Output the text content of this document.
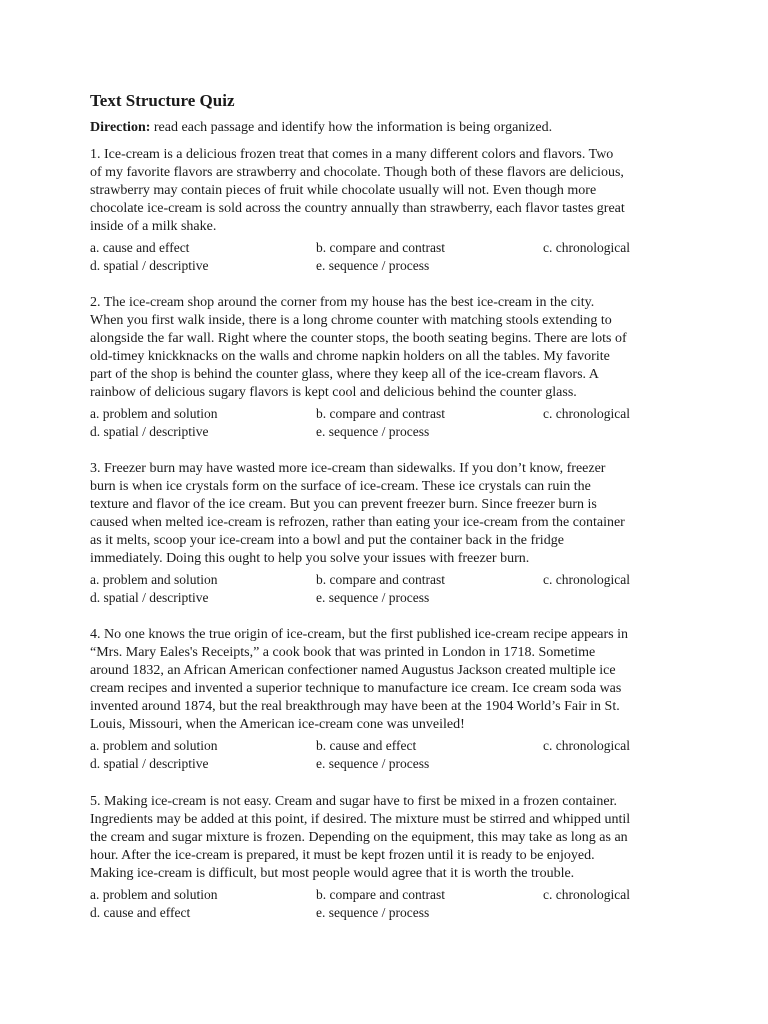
Text Structure Quiz
Direction: read each passage and identify how the information is being organized.
1. Ice-cream is a delicious frozen treat that comes in a many different colors and flavors. Two
of my favorite flavors are strawberry and chocolate. Though both of these flavors are delicious,
strawberry may contain pieces of fruit while chocolate usually will not. Even though more
chocolate ice-cream is sold across the country annually than strawberry, each flavor tastes great
inside of a milk shake.
a. cause and effect	b. compare and contrast	c. chronological
d. spatial / descriptive	e. sequence / process
2. The ice-cream shop around the corner from my house has the best ice-cream in the city.
When you first walk inside, there is a long chrome counter with matching stools extending to
alongside the far wall. Right where the counter stops, the booth seating begins. There are lots of
old-timey knickknacks on the walls and chrome napkin holders on all the tables. My favorite
part of the shop is behind the counter glass, where they keep all of the ice-cream flavors. A
rainbow of delicious sugary flavors is kept cool and delicious behind the counter glass.
a. problem and solution	b. compare and contrast	c. chronological
d. spatial / descriptive	e. sequence / process
3. Freezer burn may have wasted more ice-cream than sidewalks. If you don’t know, freezer
burn is when ice crystals form on the surface of ice-cream. These ice crystals can ruin the
texture and flavor of the ice cream. But you can prevent freezer burn. Since freezer burn is
caused when melted ice-cream is refrozen, rather than eating your ice-cream from the container
as it melts, scoop your ice-cream into a bowl and put the container back in the fridge
immediately. Doing this ought to help you solve your issues with freezer burn.
a. problem and solution	b. compare and contrast	c. chronological
d. spatial / descriptive	e. sequence / process
4. No one knows the true origin of ice-cream, but the first published ice-cream recipe appears in
“Mrs. Mary Eales's Receipts,” a cook book that was printed in London in 1718. Sometime
around 1832, an African American confectioner named Augustus Jackson created multiple ice
cream recipes and invented a superior technique to manufacture ice cream. Ice cream soda was
invented around 1874, but the real breakthrough may have been at the 1904 World’s Fair in St.
Louis, Missouri, when the American ice-cream cone was unveiled!
a. problem and solution	b. cause and effect	c. chronological
d. spatial / descriptive	e. sequence / process
5. Making ice-cream is not easy. Cream and sugar have to first be mixed in a frozen container.
Ingredients may be added at this point, if desired. The mixture must be stirred and whipped until
the cream and sugar mixture is frozen. Depending on the equipment, this may take as long as an
hour. After the ice-cream is prepared, it must be kept frozen until it is ready to be enjoyed.
Making ice-cream is difficult, but most people would agree that it is worth the trouble.
a. problem and solution	b. compare and contrast	c. chronological
d. cause and effect	e. sequence / process
